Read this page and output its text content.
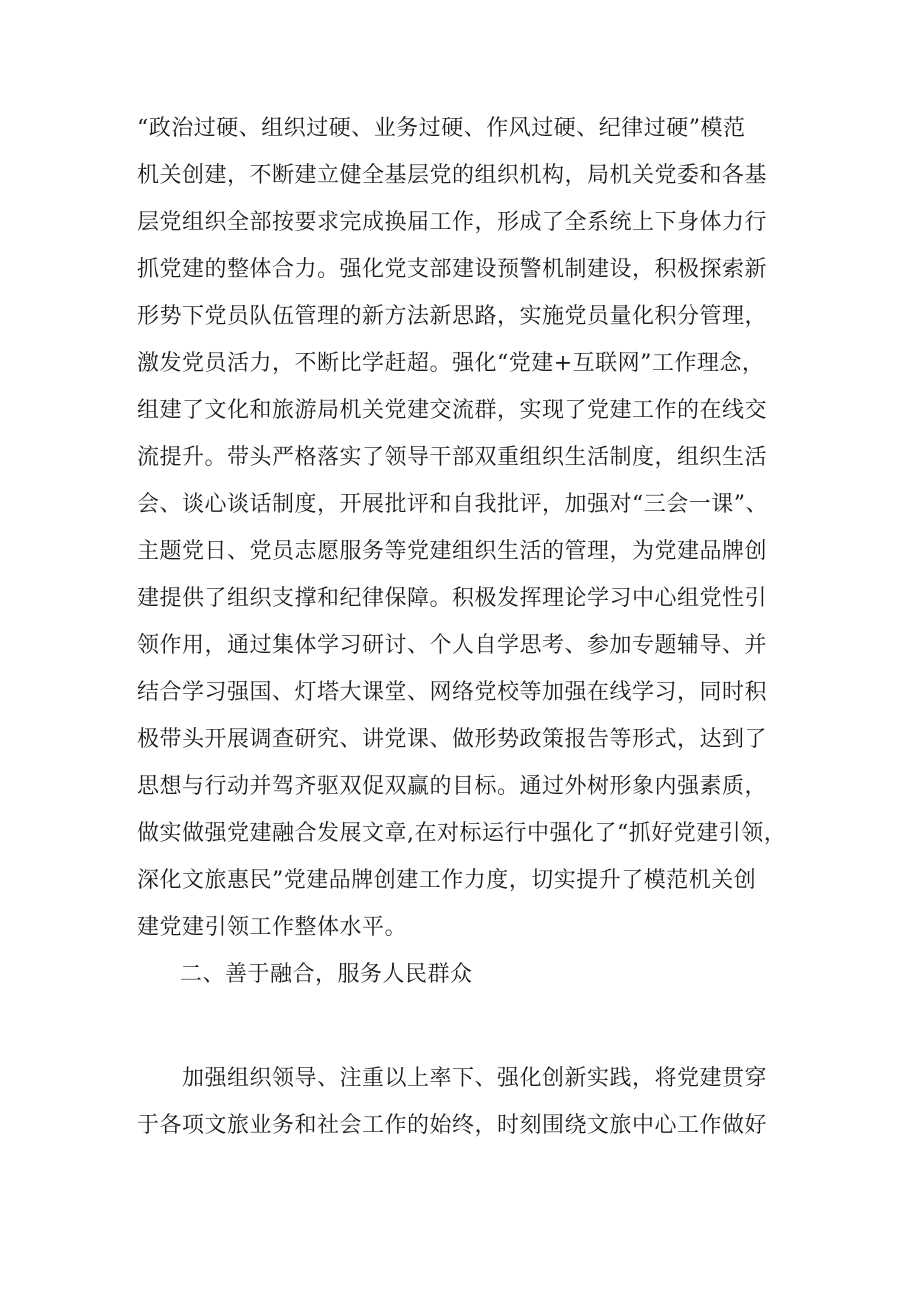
“政治过硬、组织过硬、业务过硬、作风过硬、纪律过硬”模范
机关创建，不断建立健全基层党的组织机构，局机关党委和各基
层党组织全部按要求完成换届工作，形成了全系统上下身体力行
抓党建的整体合力。强化党支部建设预警机制建设，积极探索新
形势下党员队伍管理的新方法新思路，实施党员量化积分管理，
激发党员活力，不断比学赶超。强化“党建+互联网”工作理念，
组建了文化和旅游局机关党建交流群，实现了党建工作的在线交
流提升。带头严格落实了领导干部双重组织生活制度，组织生活
会、谈心谈话制度，开展批评和自我批评，加强对“三会一课”、
主题党日、党员志愿服务等党建组织生活的管理，为党建品牌创
建提供了组织支撑和纪律保障。积极发挥理论学习中心组党性引
领作用，通过集体学习研讨、个人自学思考、参加专题辅导、并
结合学习强国、灯塔大课堂、网络党校等加强在线学习，同时积
极带头开展调查研究、讲党课、做形势政策报告等形式，达到了
思想与行动并驾齐驱双促双赢的目标。通过外树形象内强素质，
做实做强党建融合发展文章,在对标运行中强化了“抓好党建引领，
深化文旅惠民”党建品牌创建工作力度，切实提升了模范机关创
建党建引领工作整体水平。
二、善于融合，服务人民群众
加强组织领导、注重以上率下、强化创新实践，将党建贯穿
于各项文旅业务和社会工作的始终，时刻围绕文旅中心工作做好
